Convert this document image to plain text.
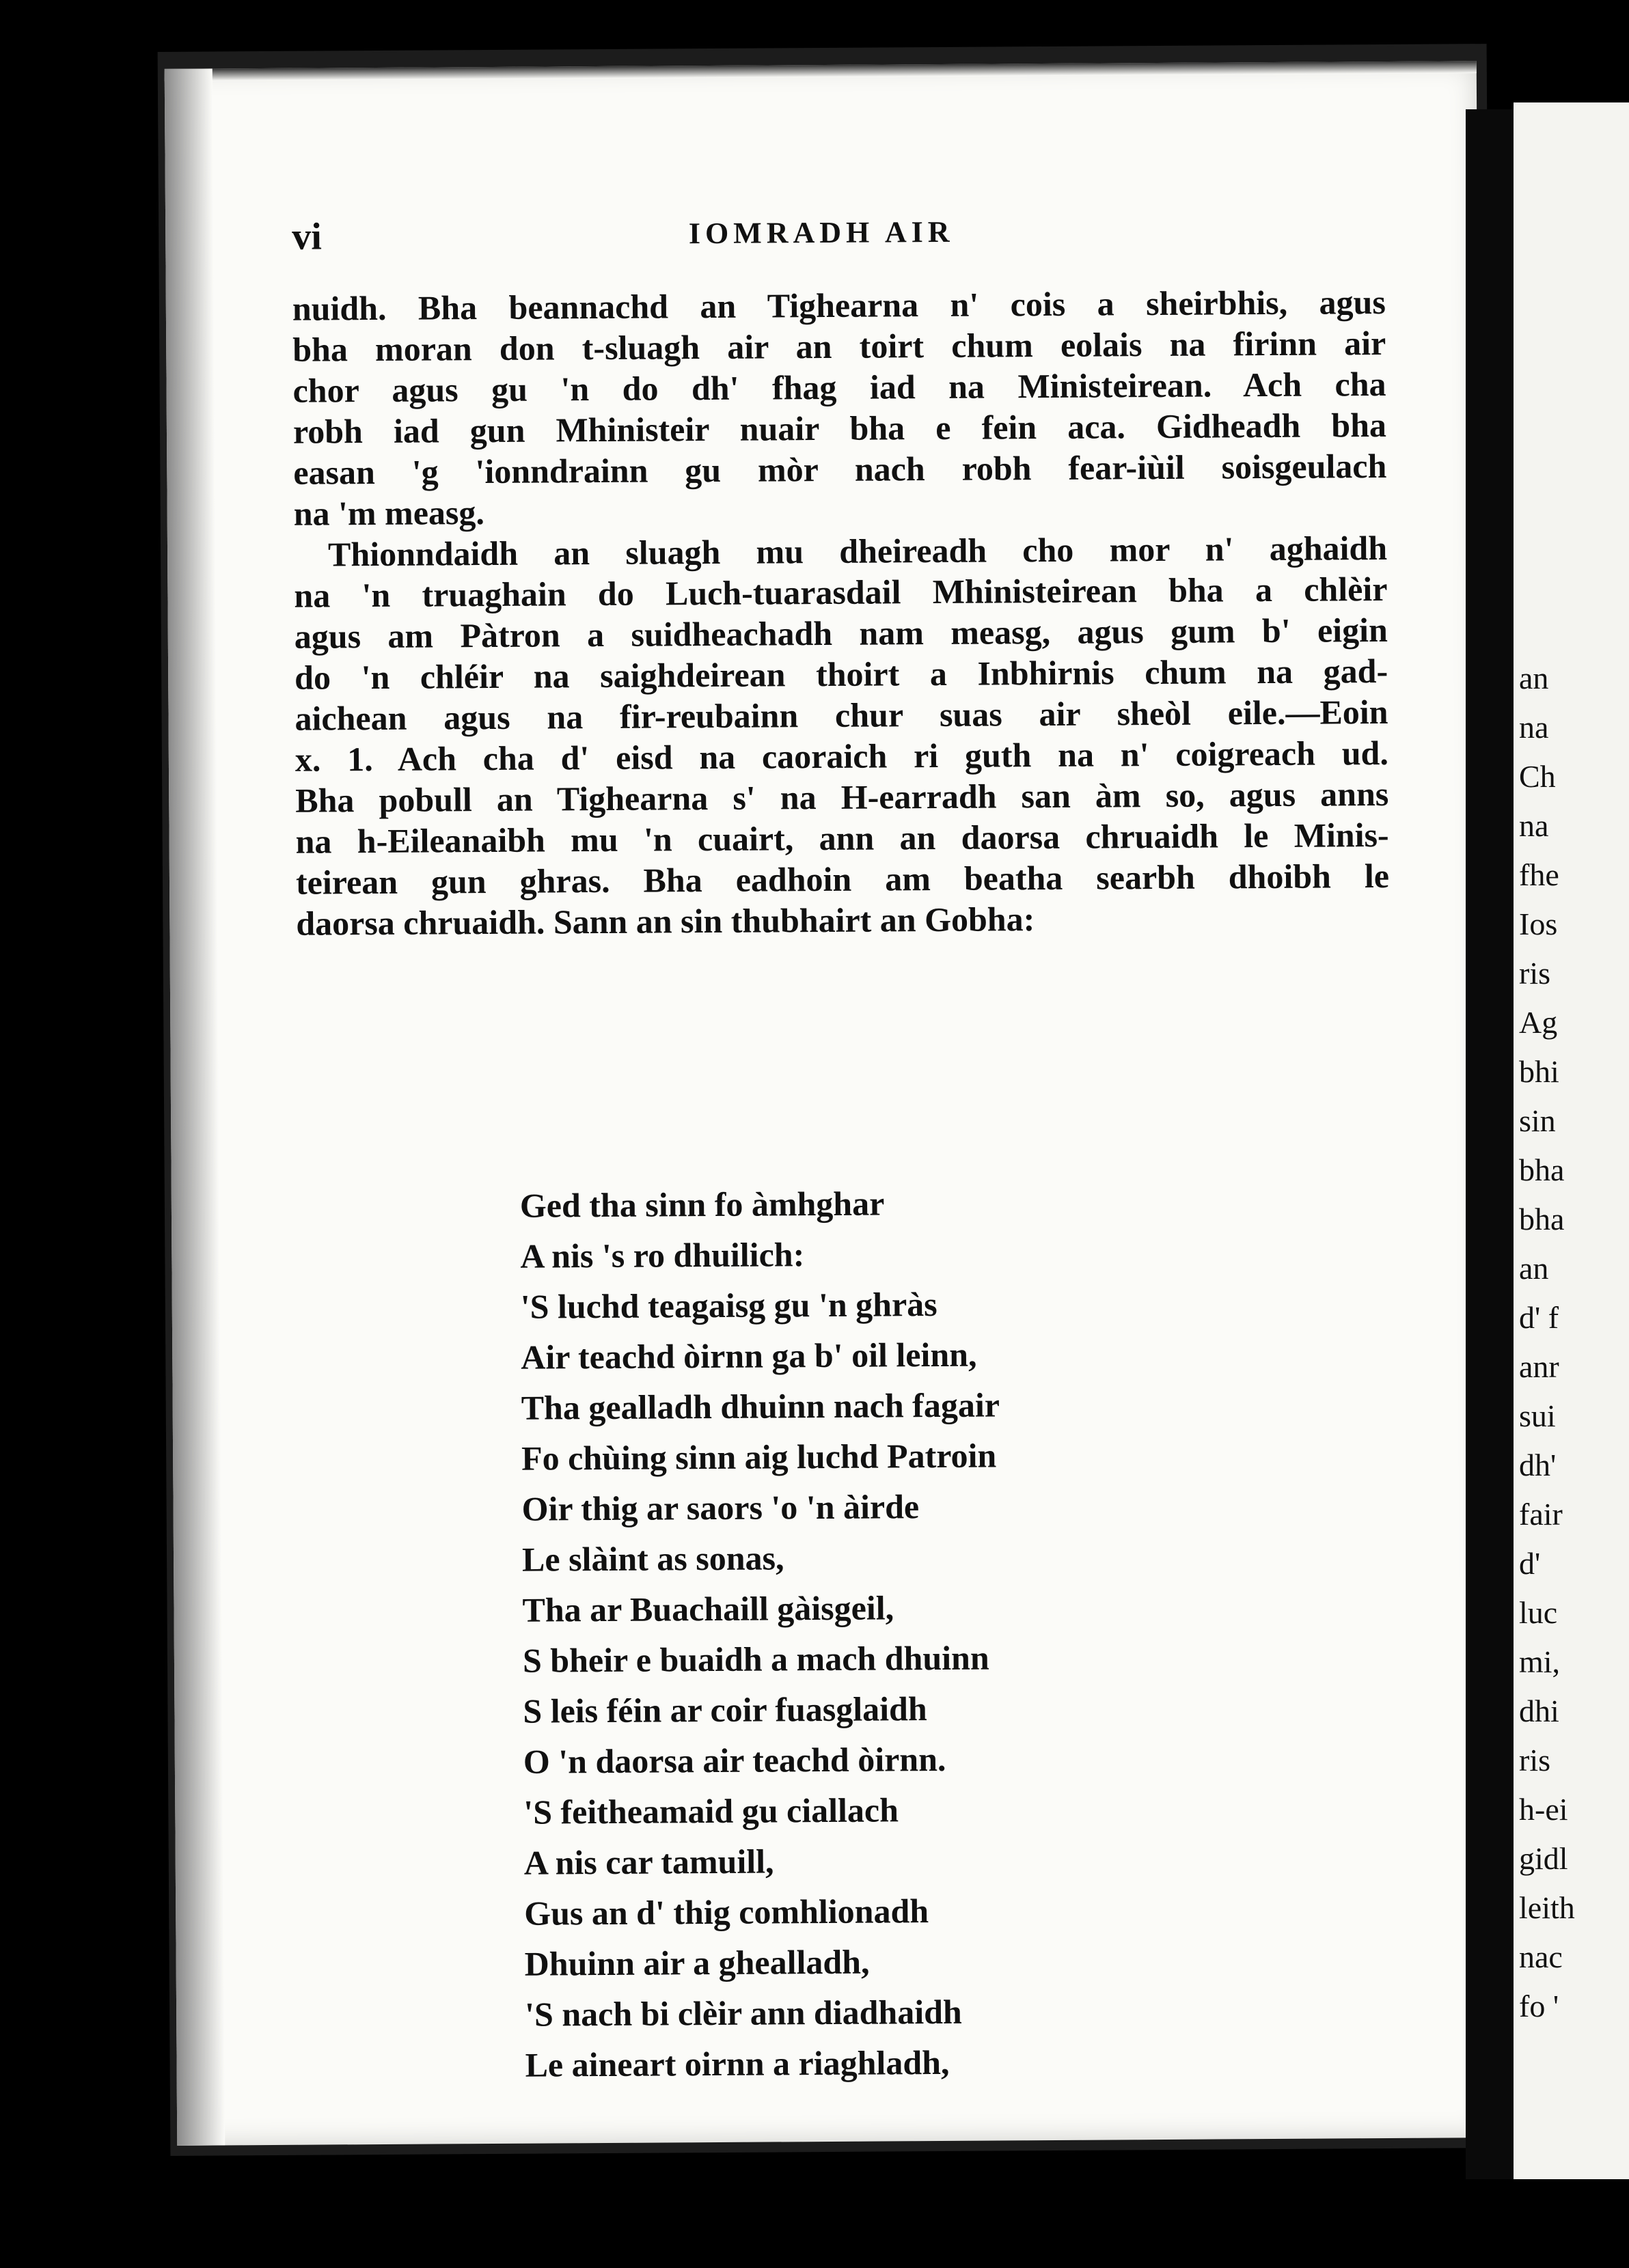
vi	IOMRADH AIR
nuidh. Bha beannachd an Tighearna n' cois a sheirbhis, agus
bha moran don t-sluagh air an toirt chum eolais na firinn air
chor agus gu 'n do dh' fhag iad na Ministeirean. Ach cha
robh iad gun Mhinisteir nuair bha e fein aca. Gidheadh bha
easan 'g 'ionndrainn gu mòr nach robh fear-iùil soisgeulach
na 'm measg.
Thionndaidh an sluagh mu dheireadh cho mor n' aghaidh
na 'n truaghain do Luch-tuarasdail Mhinisteirean bha a chlèir
agus am Pàtron a suidheachadh nam measg, agus gum b' eigin
do 'n chléir na saighdeirean thoirt a Inbhirnis chum na gad-
aichean agus na fir-reubainn chur suas air sheòl eile.—Eoin
x. 1. Ach cha d' eisd na caoraich ri guth na n' coigreach ud.
Bha pobull an Tighearna s' na H-earradh san àm so, agus anns
na h-Eileanaibh mu 'n cuairt, ann an daorsa chruaidh le Minis-
teirean gun ghras. Bha eadhoin am beatha searbh dhoibh le
daorsa chruaidh. Sann an sin thubhairt an Gobha:
Ged tha sinn fo àmhghar
A nis 's ro dhuilich:
'S luchd teagaisg gu 'n ghràs
Air teachd òirnn ga b' oil leinn,
Tha gealladh dhuinn nach fagair
Fo chùing sinn aig luchd Patroin
Oir thig ar saors 'o 'n àirde
Le slàint as sonas,
Tha ar Buachaill gàisgeil,
S bheir e buaidh a mach dhuinn
S leis féin ar coir fuasglaidh
O 'n daorsa air teachd òirnn.
'S feitheamaid gu ciallach
A nis car tamuill,
Gus an d' thig comhlionadh
Dhuinn air a ghealladh,
'S nach bi clèir ann diadhaidh
Le aineart oirnn a riaghladh,
an
na
Ch
na
fhe
Ios
ris
Ag
bhi
sin
bha
bha
an
d' f
anr
sui
dh'
fair
d'
luc
mi,
dhi
ris
h-ei
gidl
leith
nac
fo '
